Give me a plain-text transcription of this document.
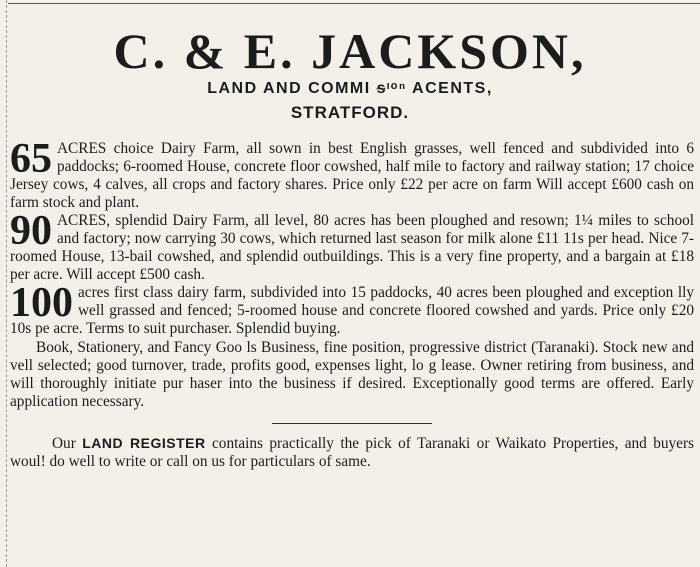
C. & E. JACKSON,
LAND AND COMMI ᵴᶦᵒⁿ ACENTS,
STRATFORD.
65 ACRES choice Dairy Farm, all sown in best English grasses, well fenced and subdivided into 6 paddocks; 6-roomed House, concrete floor cowshed, half mile to factory and railway station; 17 choice Jersey cows, 4 calves, all crops and factory shares. Price only £22 per acre on farm Will accept £600 cash on farm stock and plant.
90 ACRES, splendid Dairy Farm, all level, 80 acres has been ploughed and resown; 1¼ miles to school and factory; now carrying 30 cows, which returned last season for milk alone £11 11s per head. Nice 7-roomed House, 13-bail cowshed, and splendid outbuildings. This is a very fine property, and a bargain at £18 per acre. Will accept £500 cash.
100 acres first class dairy farm, subdivided into 15 paddocks, 40 acres been ploughed and exception lly well grassed and fenced; 5-roomed house and concrete floored cowshed and yards. Price only £20 10s pe acre. Terms to suit purchaser. Splendid buying.
Book, Stationery, and Fancy Goo ls Business, fine position, progressive district (Taranaki). Stock new and vell selected; good turnover, trade, profits good, expenses light, lo g lease. Owner retiring from business, and will thoroughly initiate pur haser into the business if desired. Exceptionally good terms are offered. Early application necessary.
Our LAND REGISTER contains practically the pick of Taranaki or Waikato Properties, and buyers woul! do well to write or call on us for particulars of same.
